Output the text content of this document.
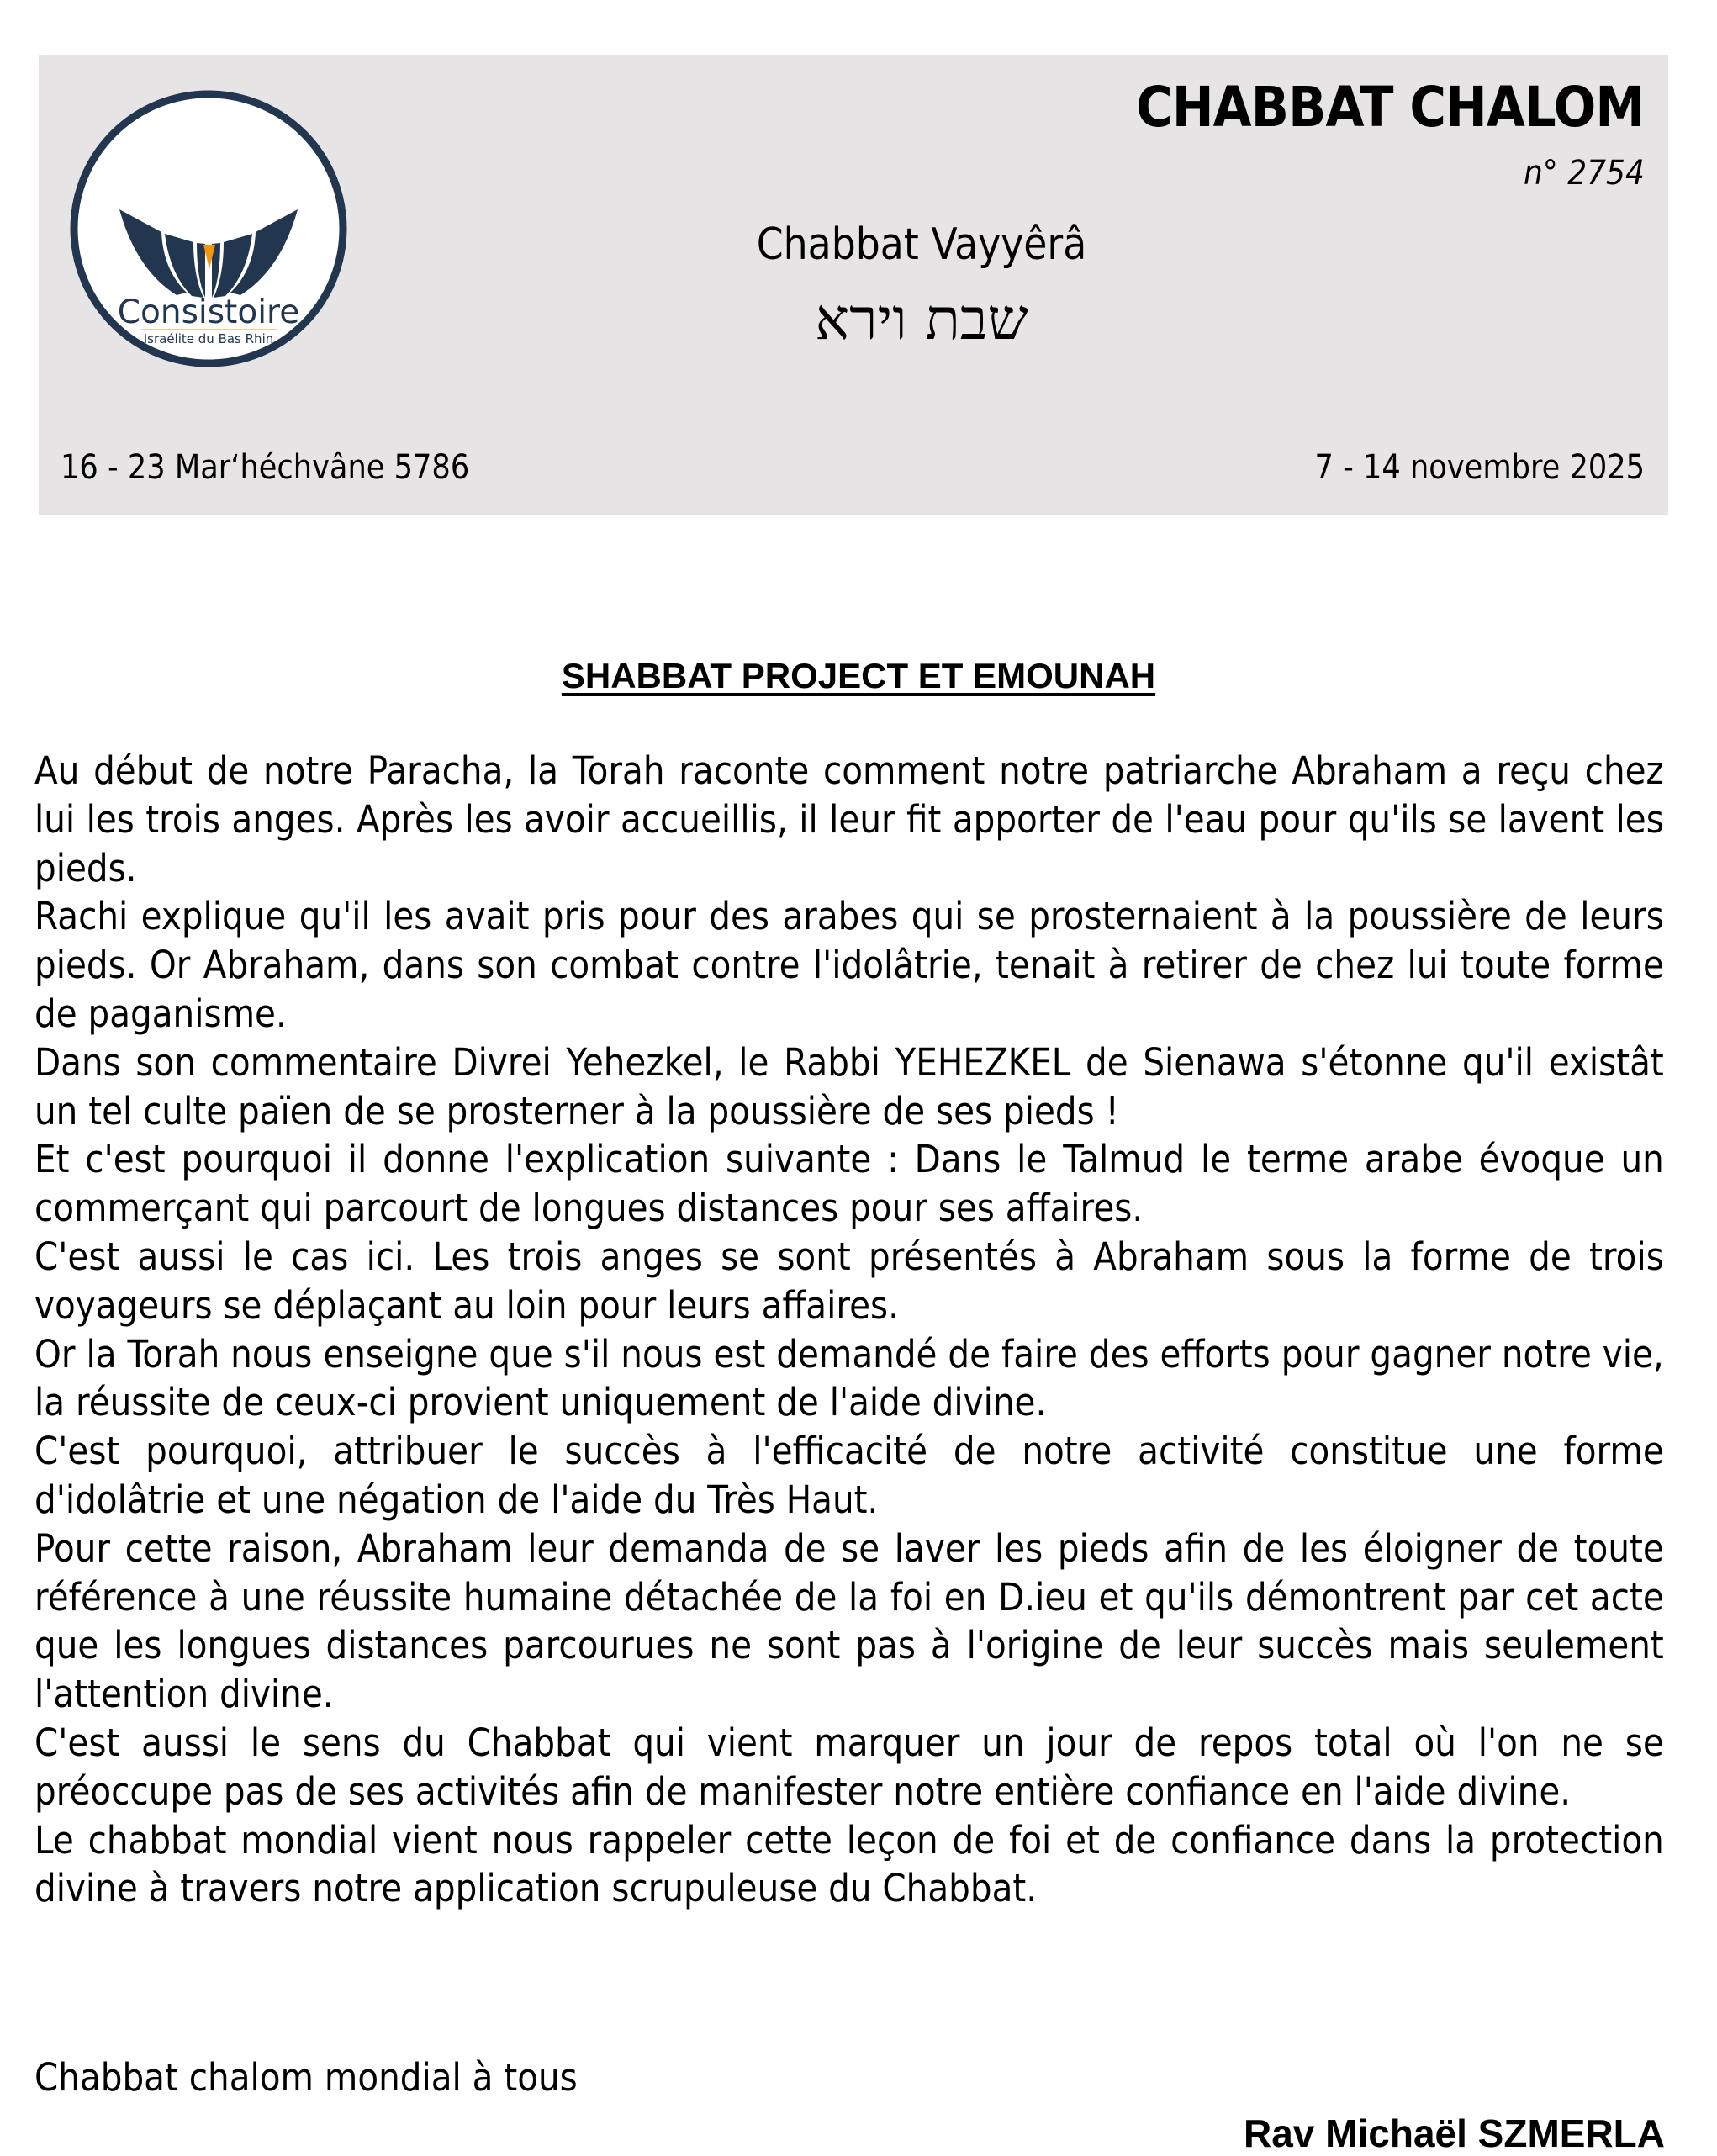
Consistoire
Israélite du Bas Rhin
CHABBAT CHALOM
n° 2754
Chabbat Vayyêrâ
שבת וירא
16 - 23 Mar‘héchvâne 5786	7 - 14 novembre 2025
SHABBAT PROJECT ET EMOUNAH

Au début de notre Paracha, la Torah raconte comment notre patriarche Abraham a reçu chez lui les trois anges. Après les avoir accueillis, il leur fit apporter de l'eau pour qu'ils se lavent les pieds.

Rachi explique qu'il les avait pris pour des arabes qui se prosternaient à la poussière de leurs pieds. Or Abraham, dans son combat contre l'idolâtrie, tenait à retirer de chez lui toute forme de paganisme.

Dans son commentaire Divrei Yehezkel, le Rabbi YEHEZKEL de Sienawa s'étonne qu'il existât un tel culte païen de se prosterner à la poussière de ses pieds !

Et c'est pourquoi il donne l'explication suivante : Dans le Talmud le terme arabe évoque un commerçant qui parcourt de longues distances pour ses affaires.

C'est aussi le cas ici. Les trois anges se sont présentés à Abraham sous la forme de trois voyageurs se déplaçant au loin pour leurs affaires.

Or la Torah nous enseigne que s'il nous est demandé de faire des efforts pour gagner notre vie, la réussite de ceux-ci provient uniquement de l'aide divine.

C'est pourquoi, attribuer le succès à l'efficacité de notre activité constitue une forme d'idolâtrie et une négation de l'aide du Très Haut.

Pour cette raison, Abraham leur demanda de se laver les pieds afin de les éloigner de toute référence à une réussite humaine détachée de la foi en D.ieu et qu'ils démontrent par cet acte que les longues distances parcourues ne sont pas à l'origine de leur succès mais seulement l'attention divine.

C'est aussi le sens du Chabbat qui vient marquer un jour de repos total où l'on ne se préoccupe pas de ses activités afin de manifester notre entière confiance en l'aide divine.

Le chabbat mondial vient nous rappeler cette leçon de foi et de confiance dans la protection divine à travers notre application scrupuleuse du Chabbat.

Chabbat chalom mondial à tous
Rav Michaël SZMERLA
